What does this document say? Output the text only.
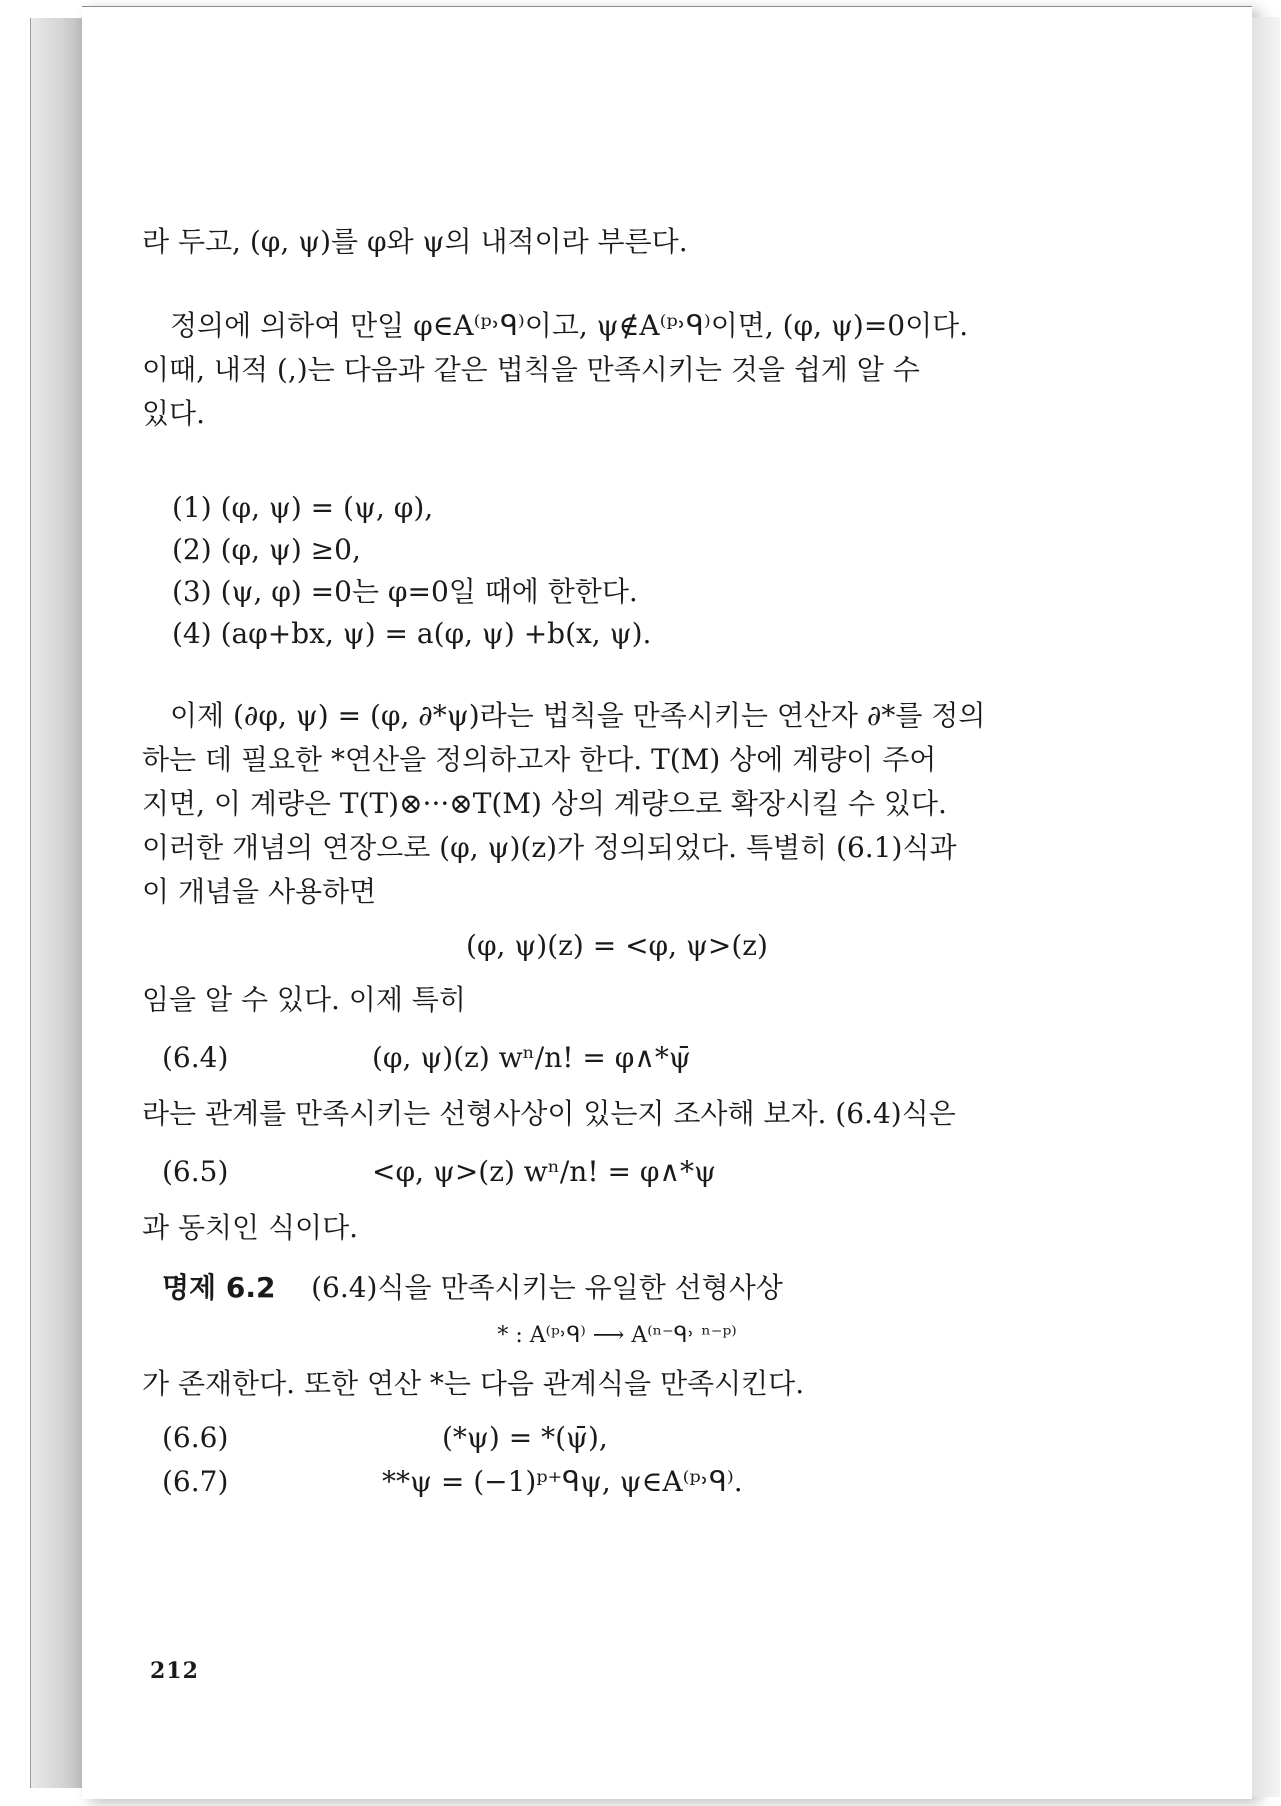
라 두고, (φ, ψ)를 φ와 ψ의 내적이라 부른다.
정의에 의하여 만일 φ∈A⁽ᵖ˒ᑫ⁾이고, ψ∉A⁽ᵖ˒ᑫ⁾이면, (φ, ψ)=0이다.
이때, 내적 (,)는 다음과 같은 법칙을 만족시키는 것을 쉽게 알 수
있다.
(1) (φ, ψ) = (ψ, φ),
(2) (φ, ψ) ≥0,
(3) (ψ, φ) =0는 φ=0일 때에 한한다.
(4) (aφ+bx, ψ) = a(φ, ψ) +b(x, ψ).
이제 (∂φ, ψ) = (φ, ∂*ψ)라는 법칙을 만족시키는 연산자 ∂*를 정의
하는 데 필요한 *연산을 정의하고자 한다. T(M) 상에 계량이 주어
지면, 이 계량은 T(T)⊗···⊗T(M) 상의 계량으로 확장시킬 수 있다.
이러한 개념의 연장으로 (φ, ψ)(z)가 정의되었다. 특별히 (6.1)식과
이 개념을 사용하면
(φ, ψ)(z) = <φ, ψ>(z)
임을 알 수 있다. 이제 특히
(6.4)	(φ, ψ)(z) wⁿ/n! = φ∧*ψ̄
라는 관계를 만족시키는 선형사상이 있는지 조사해 보자. (6.4)식은
(6.5)	<φ, ψ>(z) wⁿ/n! = φ∧*ψ
과 동치인 식이다.
명제 6.2 (6.4)식을 만족시키는 유일한 선형사상
* : A⁽ᵖ˒ᑫ⁾ ⟶ A⁽ⁿ⁻ᑫ˒ ⁿ⁻ᵖ⁾
가 존재한다. 또한 연산 *는 다음 관계식을 만족시킨다.
(6.6)	(*ψ) = *(ψ̄),
(6.7)	**ψ = (−1)ᵖ⁺ᑫψ, ψ∈A⁽ᵖ˒ᑫ⁾.
212
